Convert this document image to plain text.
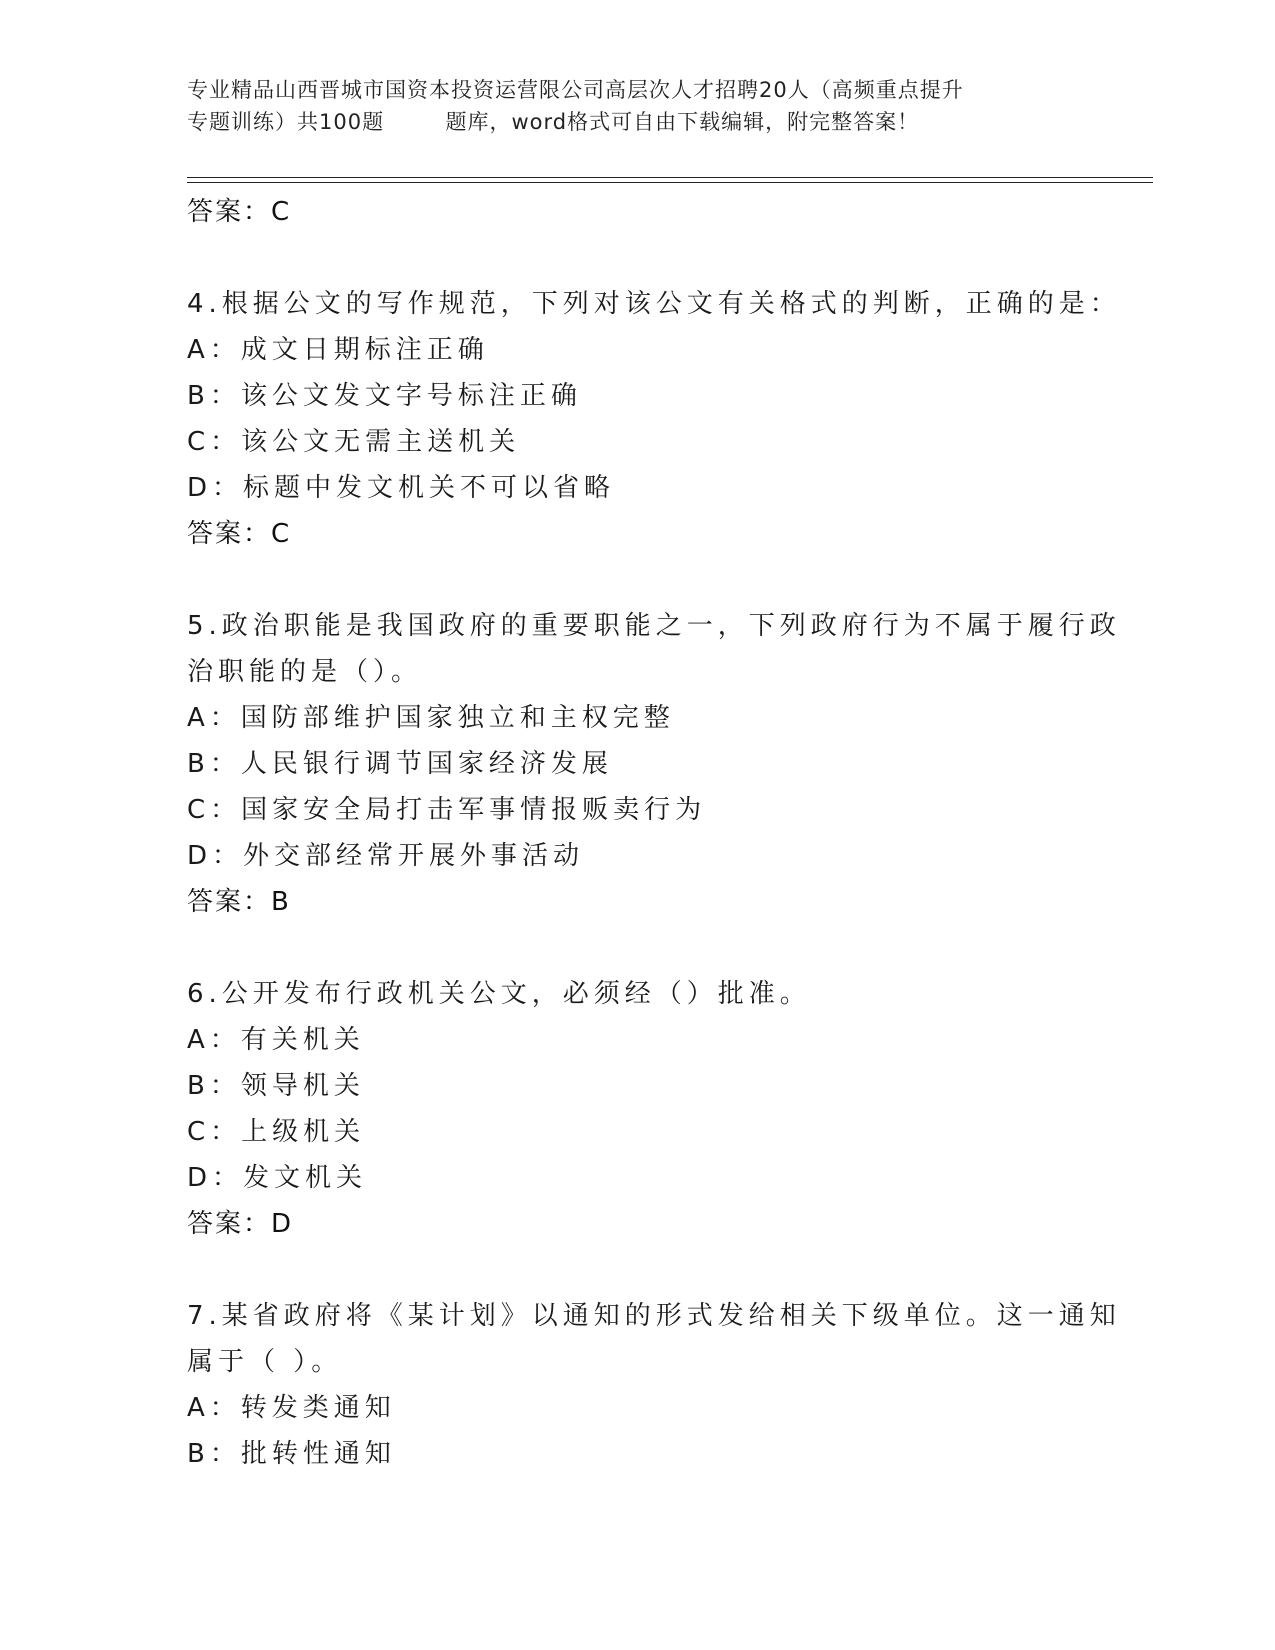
专业精品山西晋城市国资本投资运营限公司高层次人才招聘20人（高频重点提升
专题训练）共100题        题库，word格式可自由下载编辑，附完整答案！
答案：C
4.根据公文的写作规范，下列对该公文有关格式的判断，正确的是：
A：成文日期标注正确
B：该公文发文字号标注正确
C：该公文无需主送机关
D：标题中发文机关不可以省略
答案：C
5.政治职能是我国政府的重要职能之一，下列政府行为不属于履行政
治职能的是（）。
A：国防部维护国家独立和主权完整
B：人民银行调节国家经济发展
C：国家安全局打击军事情报贩卖行为
D：外交部经常开展外事活动
答案：B
6.公开发布行政机关公文，必须经（）批准。
A：有关机关
B：领导机关
C：上级机关
D：发文机关
答案：D
7.某省政府将《某计划》以通知的形式发给相关下级单位。这一通知
属于（ ）。
A：转发类通知
B：批转性通知
